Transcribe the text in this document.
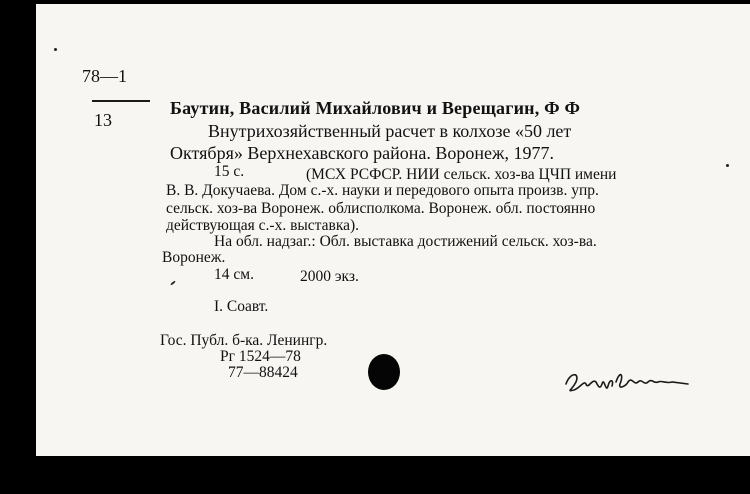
78—1
13
Баутин, Василий Михайлович и Верещагин, Ф Ф
Внутрихозяйственный расчет в колхозе «50 лет
Октября» Верхнехавского района. Воронеж, 1977.
15 с.	(МСХ РСФСР. НИИ сельск. хоз-ва ЦЧП имени
В. В. Докучаева. Дом с.-х. науки и передового опыта произв. упр.
сельск. хоз-ва Воронеж. облисполкома. Воронеж. обл. постоянно
действующая с.-х. выставка).
На обл. надзаг.: Обл. выставка достижений сельск. хоз-ва.
Воронеж.
14 см.	2000 экз.
I. Соавт.
Гос. Публ. б-ка. Ленингр.
Рг 1524—78
77—88424
